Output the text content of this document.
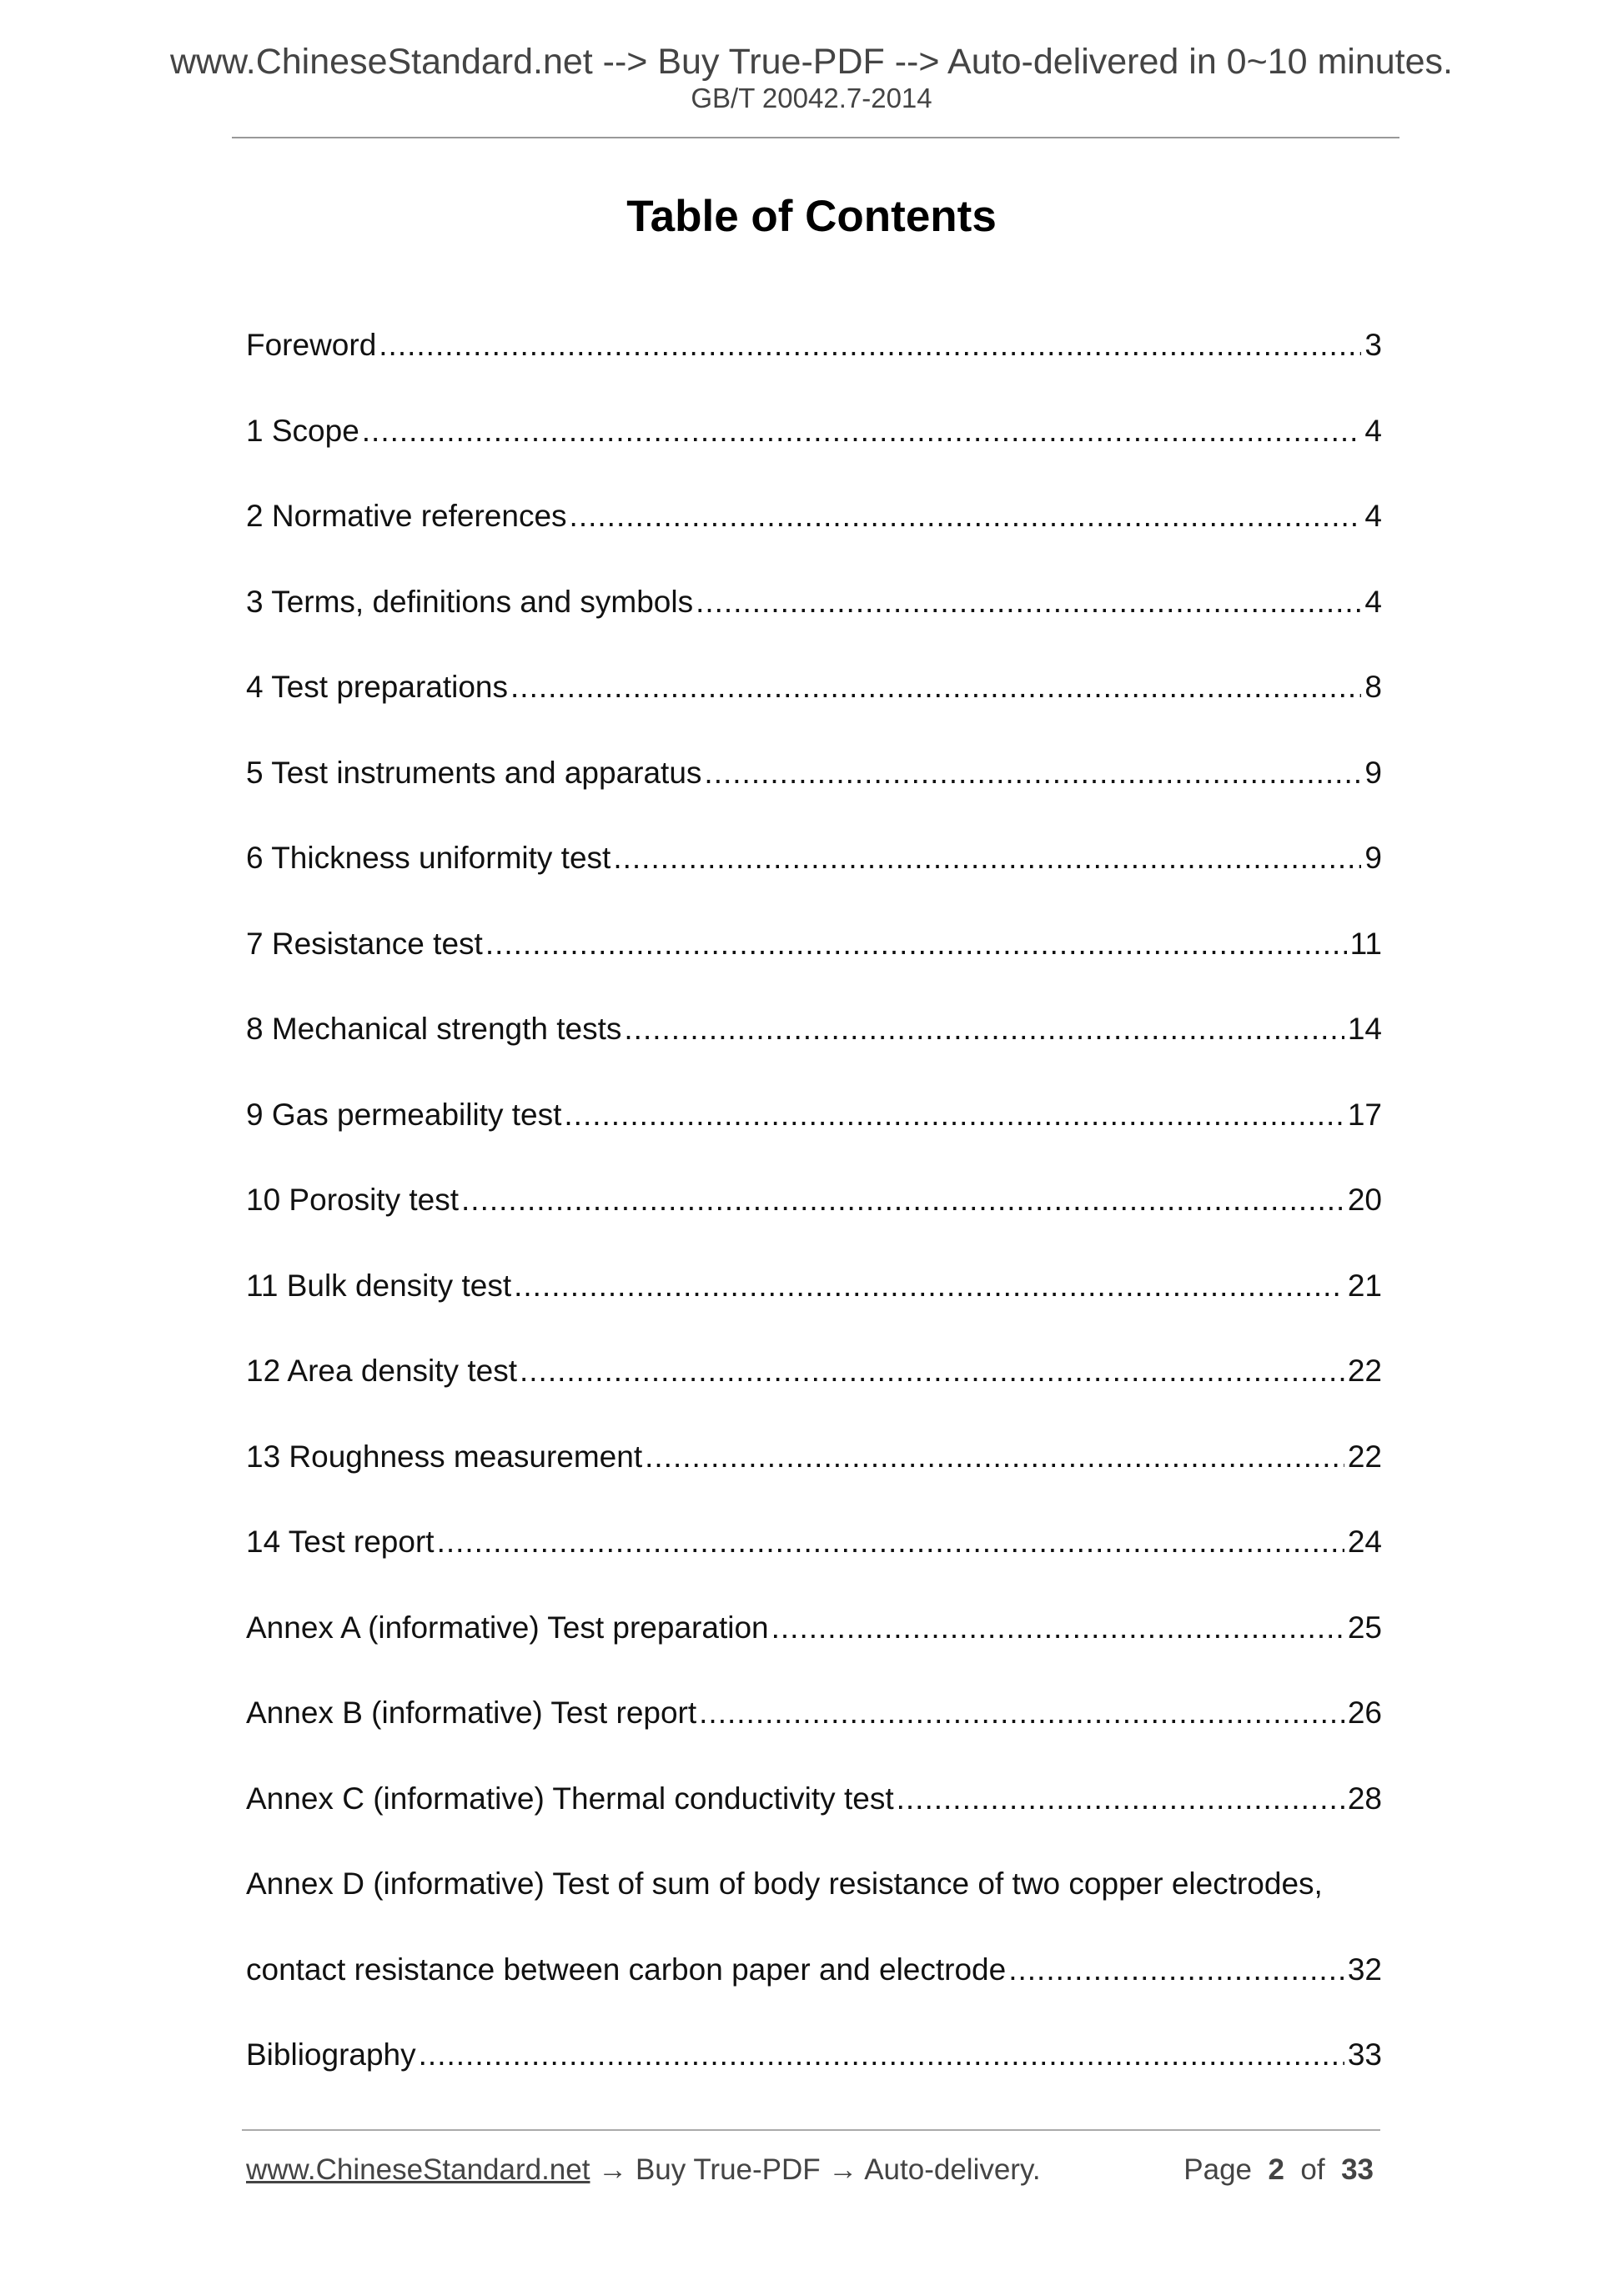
www.ChineseStandard.net --> Buy True-PDF --> Auto-delivered in 0~10 minutes.
GB/T 20042.7-2014
Table of Contents
Foreword .....	3
1 Scope .....	4
2 Normative references .....	4
3 Terms, definitions and symbols .....	4
4 Test preparations .....	8
5 Test instruments and apparatus .....	9
6 Thickness uniformity test .....	9
7 Resistance test .....	11
8 Mechanical strength tests .....	14
9 Gas permeability test .....	17
10 Porosity test .....	20
11 Bulk density test .....	21
12 Area density test .....	22
13 Roughness measurement .....	22
14 Test report .....	24
Annex A (informative) Test preparation .....	25
Annex B (informative) Test report .....	26
Annex C (informative) Thermal conductivity test .....	28
Annex D (informative) Test of sum of body resistance of two copper electrodes,
contact resistance between carbon paper and electrode .....	32
Bibliography .....	33
www.ChineseStandard.net → Buy True-PDF → Auto-delivery.	Page 2 of 33
